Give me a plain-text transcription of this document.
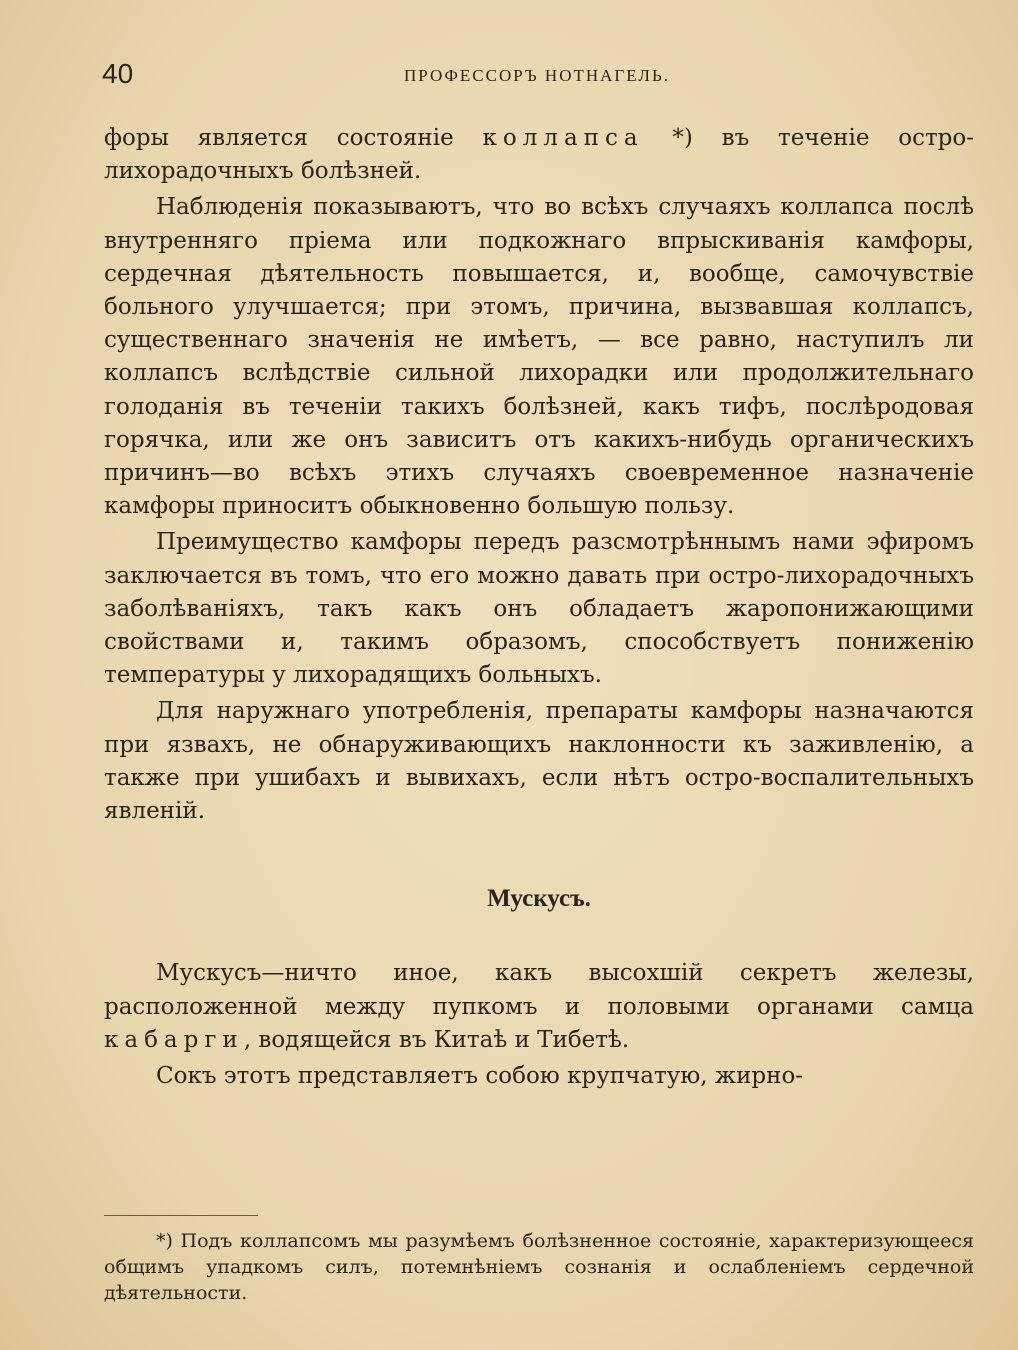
40	ПРОФЕССОРЪ НОТНАГЕЛЬ.

форы является состоянiе коллапса *) въ теченiе остро-лихорадочныхъ болѣзней.

Наблюденiя показываютъ, что во всѣхъ случаяхъ коллапса послѣ внутренняго прiема или подкожнаго впрыскиванiя камфоры, сердечная дѣятельность повышается, и, вообще, самочувствiе больного улучшается; при этомъ, причина, вызвавшая коллапсъ, существеннаго значенiя не имѣетъ, — все равно, наступилъ ли коллапсъ вслѣдствiе сильной лихорадки или продолжительнаго голоданiя въ теченiи такихъ болѣзней, какъ тифъ, послѣродовая горячка, или же онъ зависитъ отъ какихъ-нибудь органическихъ причинъ—во всѣхъ этихъ случаяхъ своевременное назначенiе камфоры приноситъ обыкновенно большую пользу.

Преимущество камфоры передъ разсмотрѣннымъ нами эфиромъ заключается въ томъ, что его можно давать при остро-лихорадочныхъ заболѣванiяхъ, такъ какъ онъ обладаетъ жаропонижающими свойствами и, такимъ образомъ, способствуетъ пониженiю температуры у лихорадящихъ больныхъ.

Для наружнаго употребленiя, препараты камфоры назначаются при язвахъ, не обнаруживающихъ наклонности къ заживленiю, а также при ушибахъ и вывихахъ, если нѣтъ остро-воспалительныхъ явленiй.

Мускусъ.

Мускусъ—ничто иное, какъ высохшiй секретъ железы, расположенной между пупкомъ и половыми органами самца кабарги, водящейся въ Китаѣ и Тибетѣ.

Сокъ этотъ представляетъ собою крупчатую, жирно-

*) Подъ коллапсомъ мы разумѣемъ болѣзненное состоянiе, характеризующееся общимъ упадкомъ силъ, потемнѣнiемъ сознанiя и ослабленiемъ сердечной дѣятельности.
